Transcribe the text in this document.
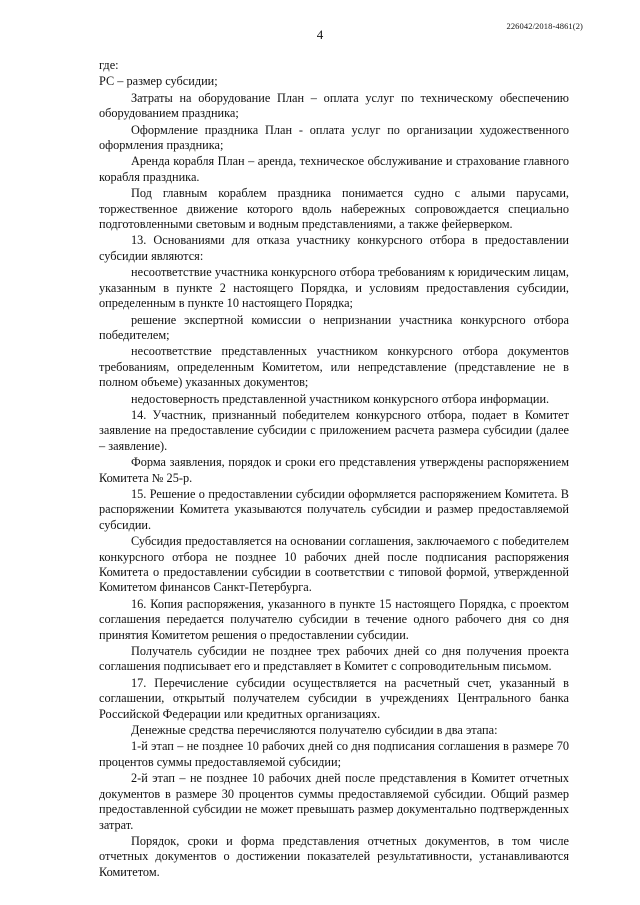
4
226042/2018-4861(2)

где:

РС – размер субсидии;

Затраты на оборудование План – оплата услуг по техническому обеспечению оборудованием праздника;

Оформление праздника План - оплата услуг по организации художественного оформления праздника;

Аренда корабля План – аренда, техническое обслуживание и страхование главного корабля праздника.

Под главным кораблем праздника понимается судно с алыми парусами, торжественное движение которого вдоль набережных сопровождается специально подготовленными световым и водным представлениями, а также фейерверком.

13. Основаниями для отказа участнику конкурсного отбора в предоставлении субсидии являются:

несоответствие участника конкурсного отбора требованиям к юридическим лицам, указанным в пункте 2 настоящего Порядка, и условиям предоставления субсидии, определенным в пункте 10 настоящего Порядка;

решение экспертной комиссии о непризнании участника конкурсного отбора победителем;

несоответствие представленных участником конкурсного отбора документов требованиям, определенным Комитетом, или непредставление (представление не в полном объеме) указанных документов;

недостоверность представленной участником конкурсного отбора информации.

14. Участник, признанный победителем конкурсного отбора, подает в Комитет заявление на предоставление субсидии с приложением расчета размера субсидии (далее – заявление).

Форма заявления, порядок и сроки его представления утверждены распоряжением Комитета № 25-р.

15. Решение о предоставлении субсидии оформляется распоряжением Комитета. В распоряжении Комитета указываются получатель субсидии и размер предоставляемой субсидии.

Субсидия предоставляется на основании соглашения, заключаемого с победителем конкурсного отбора не позднее 10 рабочих дней после подписания распоряжения Комитета о предоставлении субсидии в соответствии с типовой формой, утвержденной Комитетом финансов Санкт-Петербурга.

16. Копия распоряжения, указанного в пункте 15 настоящего Порядка, с проектом соглашения передается получателю субсидии в течение одного рабочего дня со дня принятия Комитетом решения о предоставлении субсидии.

Получатель субсидии не позднее трех рабочих дней со дня получения проекта соглашения подписывает его и представляет в Комитет с сопроводительным письмом.

17. Перечисление субсидии осуществляется на расчетный счет, указанный в соглашении, открытый получателем субсидии в учреждениях Центрального банка Российской Федерации или кредитных организациях.

Денежные средства перечисляются получателю субсидии в два этапа:

1-й этап – не позднее 10 рабочих дней со дня подписания соглашения в размере 70 процентов суммы предоставляемой субсидии;

2-й этап – не позднее 10 рабочих дней после представления в Комитет отчетных документов в размере 30 процентов суммы предоставляемой субсидии. Общий размер предоставленной субсидии не может превышать размер документально подтвержденных затрат.

Порядок, сроки и форма представления отчетных документов, в том числе отчетных документов о достижении показателей результативности, устанавливаются Комитетом.
